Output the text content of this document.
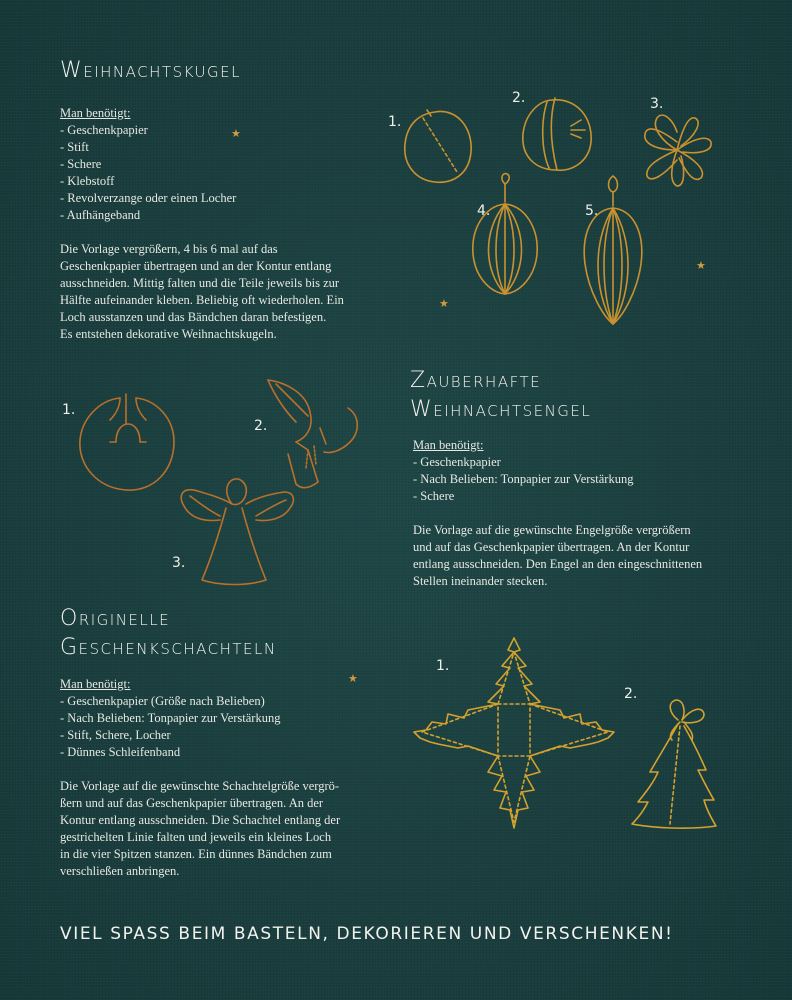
Weihnachtskugel
Man benötigt:
- Geschenkpapier
- Stift
- Schere
- Klebstoff
- Revolverzange oder einen Locher
- Aufhängeband

Die Vorlage vergrößern, 4 bis 6 mal auf das
Geschenkpapier übertragen und an der Kontur entlang
ausschneiden. Mittig falten und die Teile jeweils bis zur
Hälfte aufeinander kleben. Beliebig oft wiederholen. Ein
Loch ausstanzen und das Bändchen daran befestigen.
Es entstehen dekorative Weihnachtskugeln.

1.
2.	3.
4.	5.
★
★
★
Zauberhafte
Weihnachtsengel
Man benötigt:
- Geschenkpapier
- Nach Belieben: Tonpapier zur Verstärkung
- Schere

Die Vorlage auf die gewünschte Engelgröße vergrößern
und auf das Geschenkpapier übertragen. An der Kontur
entlang ausschneiden. Den Engel an den eingeschnittenen
Stellen ineinander stecken.

1.
2.
3.
Originelle
Geschenkschachteln
Man benötigt:
- Geschenkpapier (Größe nach Belieben)
- Nach Belieben: Tonpapier zur Verstärkung
- Stift, Schere, Locher
- Dünnes Schleifenband

Die Vorlage auf die gewünschte Schachtelgröße vergrö-
ßern und auf das Geschenkpapier übertragen. An der
Kontur entlang ausschneiden. Die Schachtel entlang der
gestrichelten Linie falten und jeweils ein kleines Loch
in die vier Spitzen stanzen. Ein dünnes Bändchen zum
verschließen anbringen.

★
1.
2.

VIEL SPASS BEIM BASTELN, DEKORIEREN UND VERSCHENKEN!
